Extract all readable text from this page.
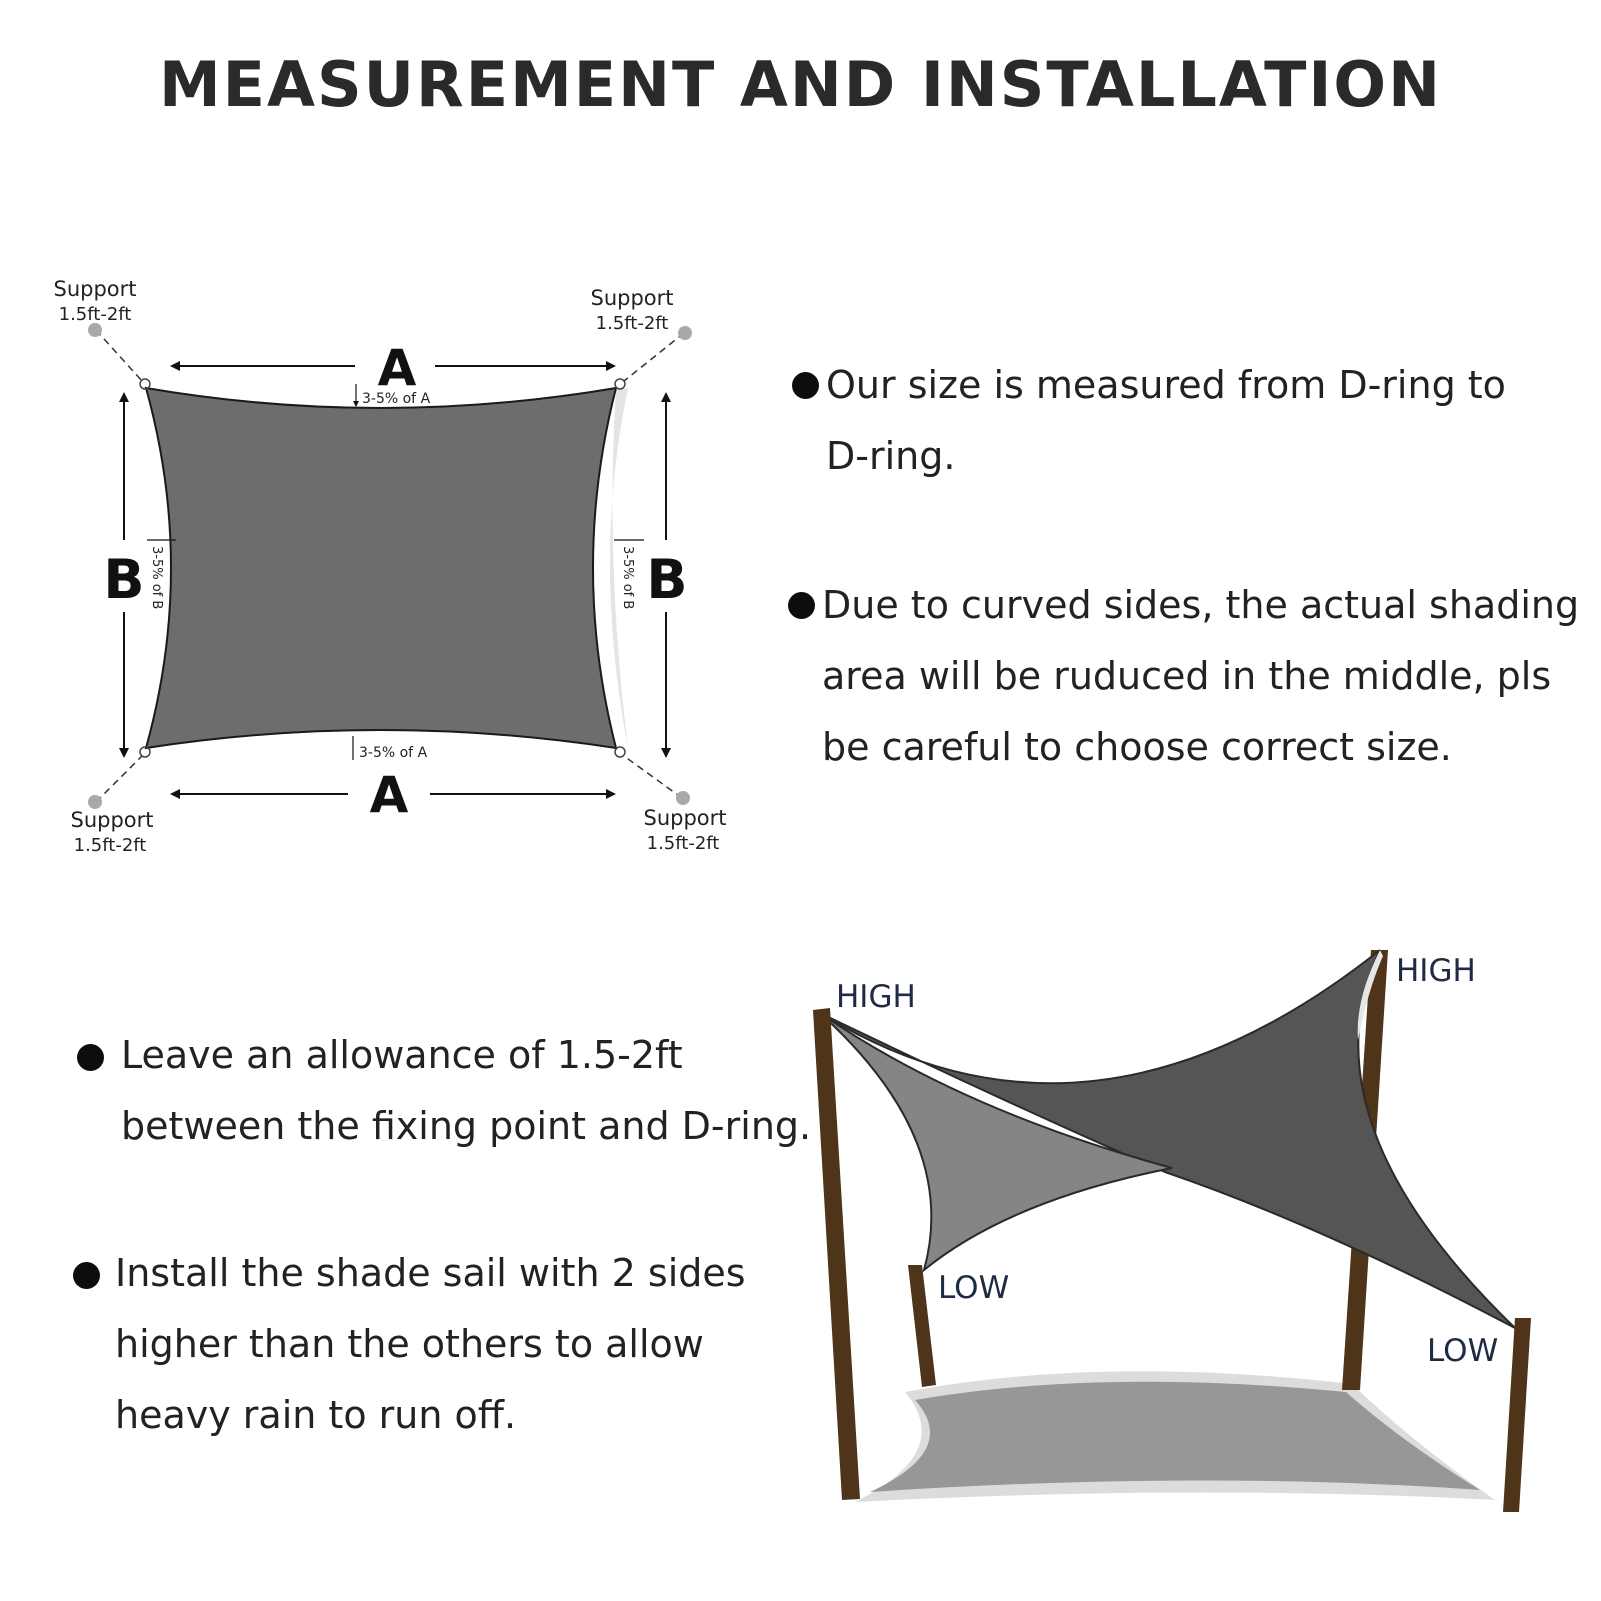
MEASUREMENT AND INSTALLATION
Support
1.5ft-2ft
Support
1.5ft-2ft
Support
1.5ft-2ft
Support
1.5ft-2ft
A
3-5% of A
A
3-5% of A
B 3-5% of B	B
3-5% of B
HIGH
HIGH
LOW
LOW
Our size is measured from D-ring to
D-ring.
Due to curved sides, the actual shading
area will be ruduced in the middle, pls
be careful to choose correct size.
Leave an allowance of 1.5-2ft
between the fixing point and D-ring.
Install the shade sail with 2 sides
higher than the others to allow
heavy rain to run off.
